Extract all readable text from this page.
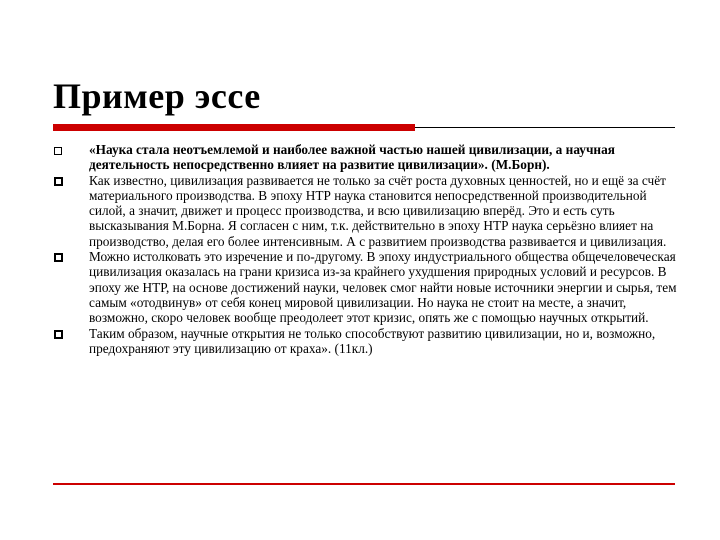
Пример эссе

«Наука стала неотъемлемой и наиболее важной частью нашей цивилизации, а научная деятельность непосредственно влияет на развитие цивилизации». (М.Борн).

Как известно, цивилизация развивается не только за счёт роста духовных ценностей, но и ещё за счёт материального производства. В эпоху НТР наука становится непосредственной производительной силой, а значит, движет и процесс производства, и всю цивилизацию вперёд. Это и есть суть высказывания М.Борна. Я согласен с ним, т.к. действительно в эпоху НТР наука серьёзно влияет на производство, делая его более интенсивным. А с развитием производства развивается и цивилизация.

Можно истолковать это изречение и по-другому. В эпоху индустриального общества общечеловеческая цивилизация оказалась на грани кризиса из-за крайнего ухудшения природных условий и ресурсов. В эпоху же НТР, на основе достижений науки, человек смог найти новые источники энергии и сырья, тем самым «отодвинув» от себя конец мировой цивилизации. Но наука не стоит на месте, а значит, возможно, скоро человек вообще преодолеет этот кризис, опять же с помощью научных открытий.

Таким образом, научные открытия не только способствуют развитию цивилизации, но и, возможно, предохраняют эту цивилизацию от краха». (11кл.)
